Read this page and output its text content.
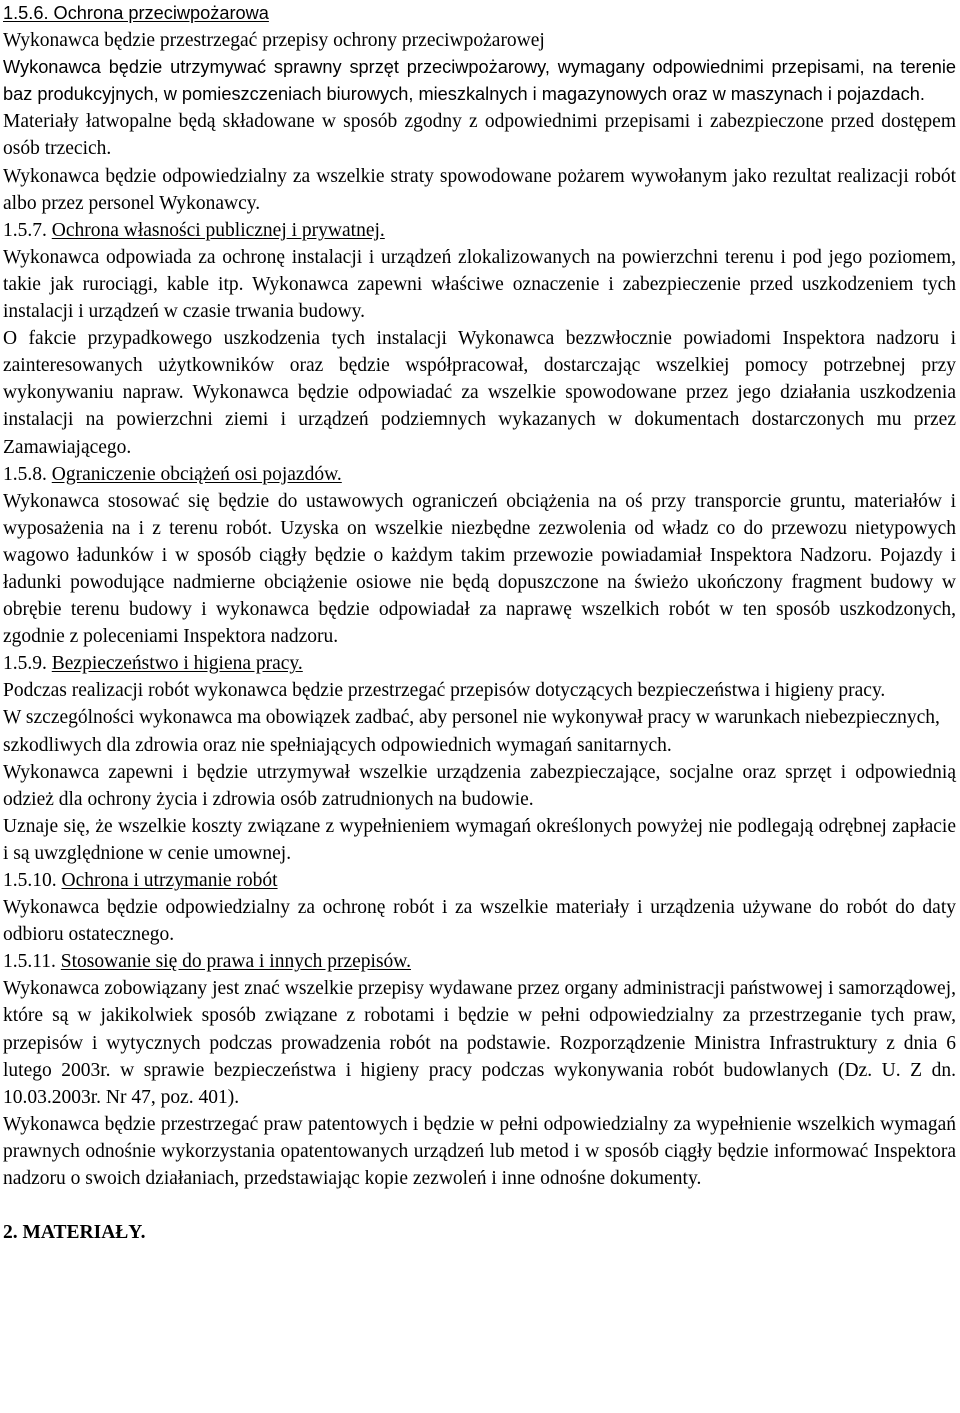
1.5.6. Ochrona przeciwpożarowa

Wykonawca będzie przestrzegać przepisy ochrony przeciwpożarowej

Wykonawca będzie utrzymywać sprawny sprzęt przeciwpożarowy, wymagany odpowiednimi przepisami, na terenie baz produkcyjnych, w pomieszczeniach biurowych, mieszkalnych i magazynowych oraz w maszynach i pojazdach.

Materiały łatwopalne będą składowane w sposób zgodny z odpowiednimi przepisami i zabezpieczone przed dostępem osób trzecich.

Wykonawca będzie odpowiedzialny za wszelkie straty spowodowane pożarem wywołanym jako rezultat realizacji robót albo przez personel Wykonawcy.

1.5.7. Ochrona własności publicznej i prywatnej.

Wykonawca odpowiada za ochronę instalacji i urządzeń zlokalizowanych na powierzchni terenu i pod jego poziomem, takie jak rurociągi, kable itp. Wykonawca zapewni właściwe oznaczenie i zabezpieczenie przed uszkodzeniem tych instalacji i urządzeń w czasie trwania budowy.

O fakcie przypadkowego uszkodzenia tych instalacji Wykonawca bezzwłocznie powiadomi Inspektora nadzoru i zainteresowanych użytkowników oraz będzie współpracował, dostarczając wszelkiej pomocy potrzebnej przy wykonywaniu napraw. Wykonawca będzie odpowiadać za wszelkie spowodowane przez jego działania uszkodzenia instalacji na powierzchni ziemi i urządzeń podziemnych wykazanych w dokumentach dostarczonych mu przez Zamawiającego.

1.5.8. Ograniczenie obciążeń osi pojazdów.

Wykonawca stosować się będzie do ustawowych ograniczeń obciążenia na oś przy transporcie gruntu, materiałów i wyposażenia na i z terenu robót. Uzyska on wszelkie niezbędne zezwolenia od władz co do przewozu nietypowych wagowo ładunków i w sposób ciągły będzie o każdym takim przewozie powiadamiał Inspektora Nadzoru. Pojazdy i ładunki powodujące nadmierne obciążenie osiowe nie będą dopuszczone na świeżo ukończony fragment budowy w obrębie terenu budowy i wykonawca będzie odpowiadał za naprawę wszelkich robót w ten sposób uszkodzonych, zgodnie z poleceniami Inspektora nadzoru.

1.5.9. Bezpieczeństwo i higiena pracy.

Podczas realizacji robót wykonawca będzie przestrzegać przepisów dotyczących bezpieczeństwa i higieny pracy.

W szczególności wykonawca ma obowiązek zadbać, aby personel nie wykonywał pracy w warunkach niebezpiecznych,

szkodliwych dla zdrowia oraz nie spełniających odpowiednich wymagań sanitarnych.

Wykonawca zapewni i będzie utrzymywał wszelkie urządzenia zabezpieczające, socjalne oraz sprzęt i odpowiednią odzież dla ochrony życia i zdrowia osób zatrudnionych na budowie.

Uznaje się, że wszelkie koszty związane z wypełnieniem wymagań określonych powyżej nie podlegają odrębnej zapłacie i są uwzględnione w cenie umownej.

1.5.10. Ochrona i utrzymanie robót

Wykonawca będzie odpowiedzialny za ochronę robót i za wszelkie materiały i urządzenia używane do robót do daty odbioru ostatecznego.

1.5.11. Stosowanie się do prawa i innych przepisów.

Wykonawca zobowiązany jest znać wszelkie przepisy wydawane przez organy administracji państwowej i samorządowej, które są w jakikolwiek sposób związane z robotami i będzie w pełni odpowiedzialny za przestrzeganie tych praw, przepisów i wytycznych podczas prowadzenia robót na podstawie. Rozporządzenie Ministra Infrastruktury z dnia 6 lutego 2003r. w sprawie bezpieczeństwa i higieny pracy podczas wykonywania robót budowlanych (Dz. U. Z dn. 10.03.2003r. Nr 47, poz. 401).

Wykonawca będzie przestrzegać praw patentowych i będzie w pełni odpowiedzialny za wypełnienie wszelkich wymagań prawnych odnośnie wykorzystania opatentowanych urządzeń lub metod i w sposób ciągły będzie informować Inspektora nadzoru o swoich działaniach, przedstawiając kopie zezwoleń i inne odnośne dokumenty.

2. MATERIAŁY.
